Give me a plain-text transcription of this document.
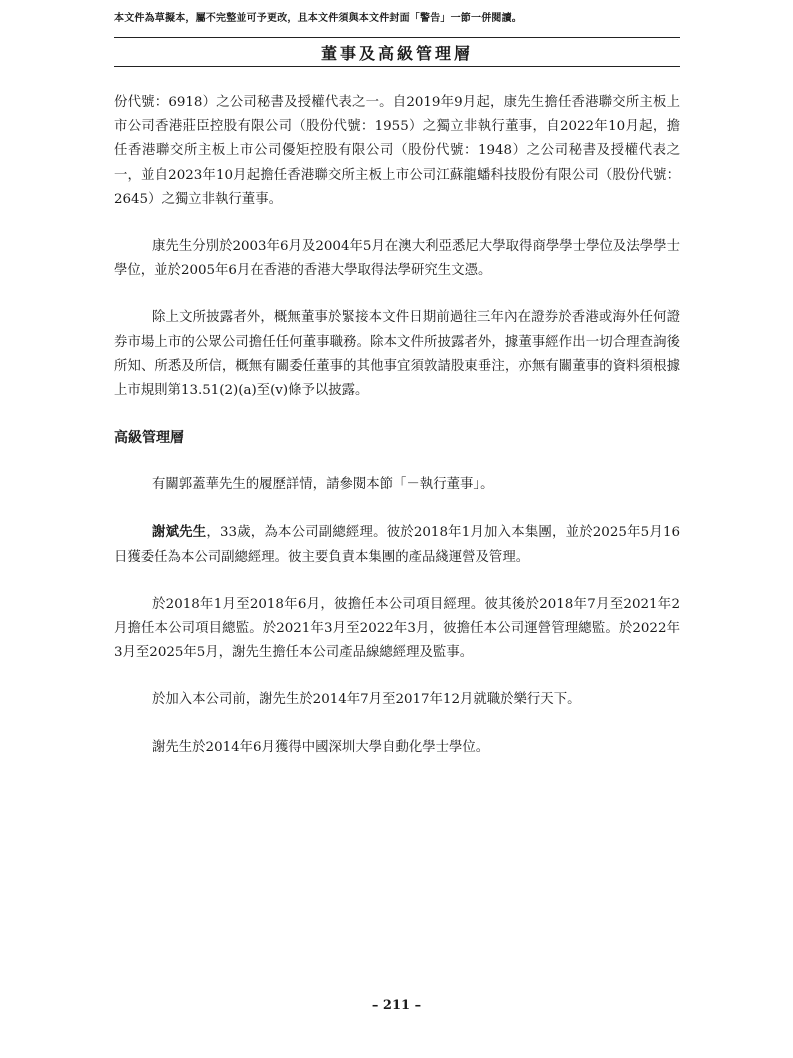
本文件為草擬本，屬不完整並可予更改，且本文件須與本文件封面「警告」一節一併閱讀。
董事及高級管理層

份代號：6918）之公司秘書及授權代表之一。自2019年9月起，康先生擔任香港聯交所主板上市公司香港莊臣控股有限公司（股份代號：1955）之獨立非執行董事，自2022年10月起，擔任香港聯交所主板上市公司優矩控股有限公司（股份代號：1948）之公司秘書及授權代表之一，並自2023年10月起擔任香港聯交所主板上市公司江蘇龍蟠科技股份有限公司（股份代號：2645）之獨立非執行董事。

康先生分別於2003年6月及2004年5月在澳大利亞悉尼大學取得商學學士學位及法學學士學位，並於2005年6月在香港的香港大學取得法學研究生文憑。

除上文所披露者外，概無董事於緊接本文件日期前過往三年內在證券於香港或海外任何證券市場上市的公眾公司擔任任何董事職務。除本文件所披露者外，據董事經作出一切合理查詢後所知、所悉及所信，概無有關委任董事的其他事宜須敦請股東垂注，亦無有關董事的資料須根據上市規則第13.51(2)(a)至(v)條予以披露。

高級管理層

有關郭蓋華先生的履歷詳情，請參閱本節「－執行董事」。

謝斌先生，33歲，為本公司副總經理。彼於2018年1月加入本集團，並於2025年5月16日獲委任為本公司副總經理。彼主要負責本集團的產品綫運營及管理。

於2018年1月至2018年6月，彼擔任本公司項目經理。彼其後於2018年7月至2021年2月擔任本公司項目總監。於2021年3月至2022年3月，彼擔任本公司運營管理總監。於2022年3月至2025年5月，謝先生擔任本公司產品線總經理及監事。

於加入本公司前，謝先生於2014年7月至2017年12月就職於樂行天下。

謝先生於2014年6月獲得中國深圳大學自動化學士學位。

– 211 –
